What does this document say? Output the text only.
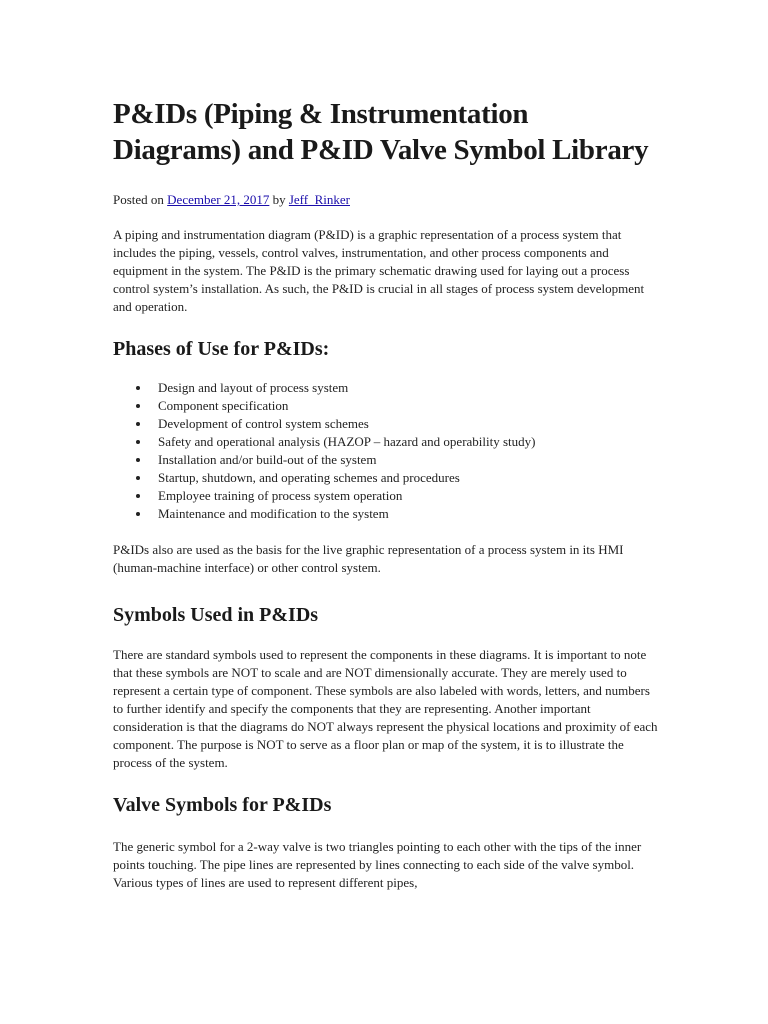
P&IDs (Piping & Instrumentation Diagrams) and P&ID Valve Symbol Library
Posted on December 21, 2017 by Jeff_Rinker

A piping and instrumentation diagram (P&ID) is a graphic representation of a process system that includes the piping, vessels, control valves, instrumentation, and other process components and equipment in the system. The P&ID is the primary schematic drawing used for laying out a process control system’s installation. As such, the P&ID is crucial in all stages of process system development and operation.

Phases of Use for P&IDs:
Design and layout of process system
Component specification
Development of control system schemes
Safety and operational analysis (HAZOP – hazard and operability study)
Installation and/or build-out of the system
Startup, shutdown, and operating schemes and procedures
Employee training of process system operation
Maintenance and modification to the system

P&IDs also are used as the basis for the live graphic representation of a process system in its HMI (human-machine interface) or other control system.

Symbols Used in P&IDs

There are standard symbols used to represent the components in these diagrams. It is important to note that these symbols are NOT to scale and are NOT dimensionally accurate. They are merely used to represent a certain type of component. These symbols are also labeled with words, letters, and numbers to further identify and specify the components that they are representing. Another important consideration is that the diagrams do NOT always represent the physical locations and proximity of each component. The purpose is NOT to serve as a floor plan or map of the system, it is to illustrate the process of the system.

Valve Symbols for P&IDs

The generic symbol for a 2-way valve is two triangles pointing to each other with the tips of the inner points touching. The pipe lines are represented by lines connecting to each side of the valve symbol. Various types of lines are used to represent different pipes,
